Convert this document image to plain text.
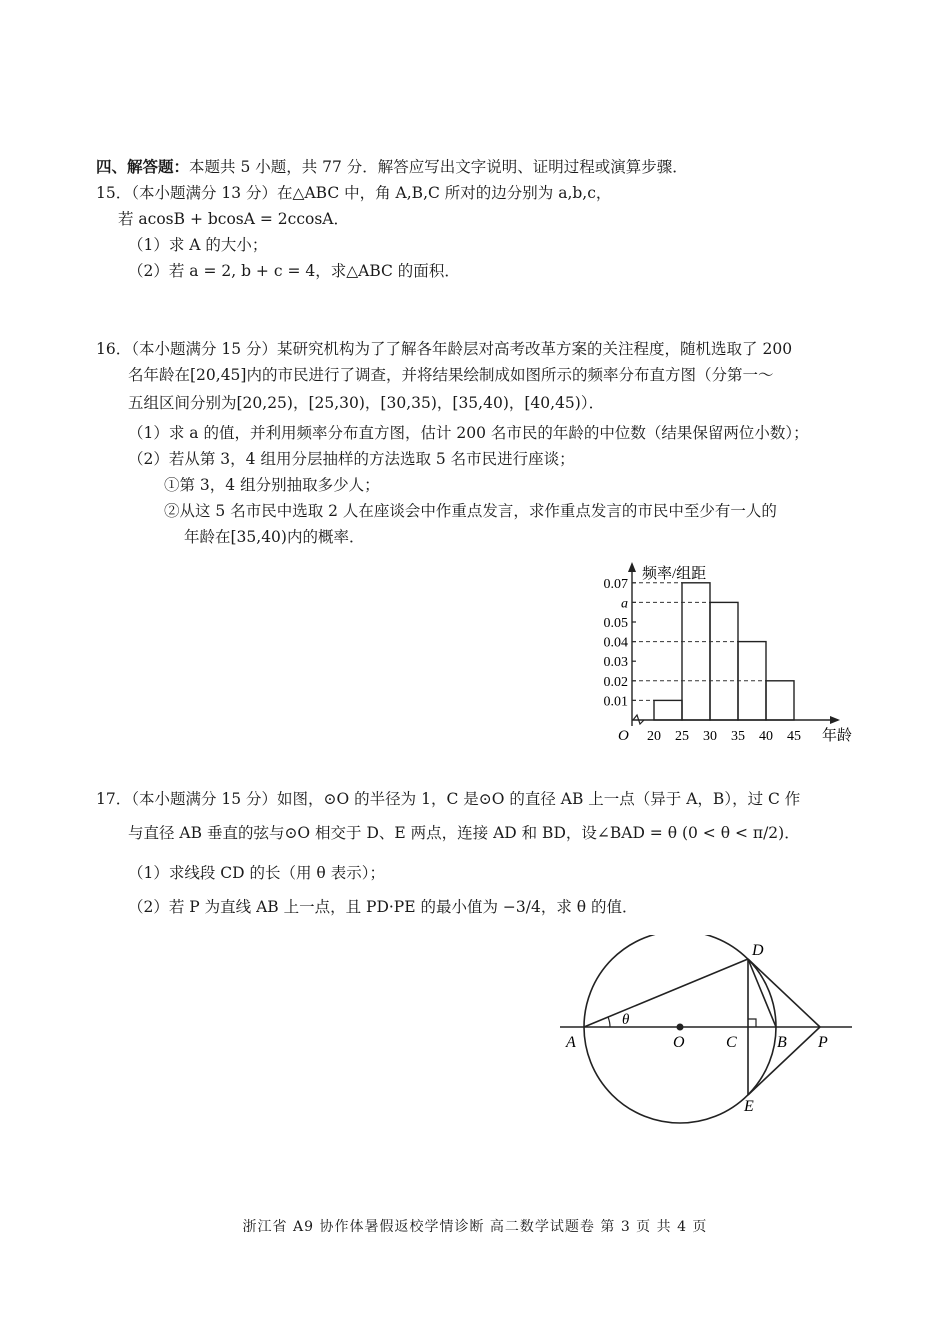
四、解答题：本题共 5 小题，共 77 分．解答应写出文字说明、证明过程或演算步骤．
15．（本小题满分 13 分）在△ABC 中，角 A,B,C 所对的边分别为 a,b,c，
若 acosB + bcosA = 2ccosA．
（1）求 A 的大小；
（2）若 a = 2, b + c = 4，求△ABC 的面积．
16．（本小题满分 15 分）某研究机构为了了解各年龄层对高考改革方案的关注程度，随机选取了 200
名年龄在[20,45]内的市民进行了调查，并将结果绘制成如图所示的频率分布直方图（分第一～
五组区间分别为[20,25)，[25,30)，[30,35)，[35,40)，[40,45)）．
（1）求 a 的值，并利用频率分布直方图，估计 200 名市民的年龄的中位数（结果保留两位小数）；
（2）若从第 3，4 组用分层抽样的方法选取 5 名市民进行座谈；
①第 3，4 组分别抽取多少人；
②从这 5 名市民中选取 2 人在座谈会中作重点发言，求作重点发言的市民中至少有一人的
年龄在[35,40)内的概率．
0.01
0.02
0.03
0.04
0.05
a
0.07
20 25 30 35 40 45 年龄
频率/组距
O
17．（本小题满分 15 分）如图，⊙O 的半径为 1，C 是⊙O 的直径 AB 上一点（异于 A，B），过 C 作
与直径 AB 垂直的弦与⊙O 相交于 D、E 两点，连接 AD 和 BD，设∠BAD = θ (0 < θ < π/2)．
（1）求线段 CD 的长（用 θ 表示）；
（2）若 P 为直线 AB 上一点，且 PD·PE 的最小值为 −3/4，求 θ 的值．
θ
A	O	C	B P
D
E
浙江省 A9 协作体暑假返校学情诊断 高二数学试题卷 第 3 页 共 4 页
